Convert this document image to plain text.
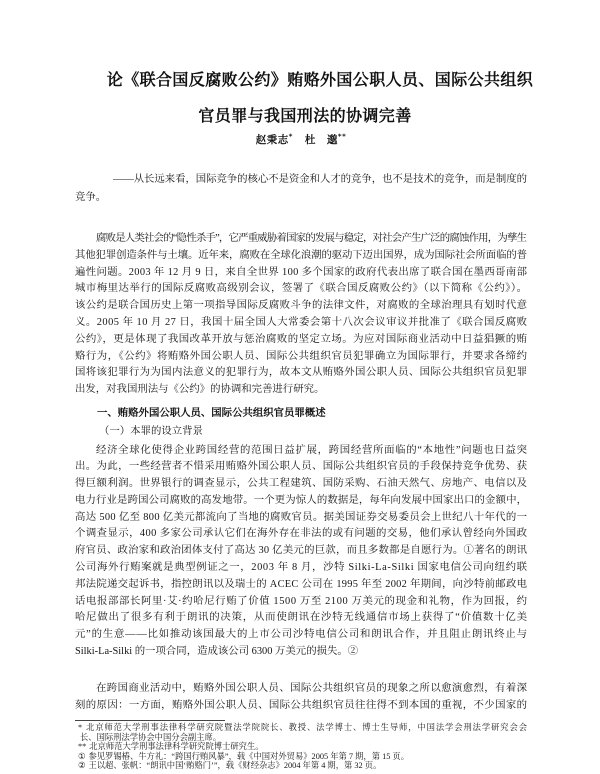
论《联合国反腐败公约》贿赂外国公职人员、国际公共组织
官员罪与我国刑法的协调完善
赵秉志* 杜　邈**
——从长远来看，国际竞争的核心不是资金和人才的竞争，也不是技术的竞争，而是制度的
竞争。
腐败是人类社会的“隐性杀手”，它严重威胁着国家的发展与稳定，对社会产生广泛的腐蚀作用，为孳生
其他犯罪创造条件与土壤。近年来，腐败在全球化浪潮的驱动下迈出国界，成为国际社会所面临的普
遍性问题。2003 年 12 月 9 日，来自全世界 100 多个国家的政府代表出席了联合国在墨西哥南部
城市梅里达举行的国际反腐败高级别会议，签署了《联合国反腐败公约》（以下简称《公约》）。
该公约是联合国历史上第一项指导国际反腐败斗争的法律文件，对腐败的全球治理具有划时代意
义。2005 年 10 月 27 日，我国十届全国人大常委会第十八次会议审议并批准了《联合国反腐败
公约》，更是体现了我国改革开放与惩治腐败的坚定立场。为应对国际商业活动中日益猖獗的贿
赂行为，《公约》将贿赂外国公职人员、国际公共组织官员犯罪确立为国际罪行，并要求各缔约
国将该犯罪行为为国内法意义的犯罪行为，故本文从贿赂外国公职人员、国际公共组织官员犯罪
出发，对我国刑法与《公约》的协调和完善进行研究。
一、贿赂外国公职人员、国际公共组织官员罪概述
（一）本罪的设立背景
经济全球化使得企业跨国经营的范围日益扩展，跨国经营所面临的“本地性”问题也日益突
出。为此，一些经营者不惜采用贿赂外国公职人员、国际公共组织官员的手段保持竞争优势、获
得巨额利润。世界银行的调查显示，公共工程建筑、国防采购、石油天然气、房地产、电信以及
电力行业是跨国公司腐败的高发地带。一个更为惊人的数据是，每年向发展中国家出口的金额中，
高达 500 亿至 800 亿美元都流向了当地的腐败官员。据美国证券交易委员会上世纪八十年代的一
个调查显示，400 多家公司承认它们在海外存在非法的或有问题的交易，他们承认曾经向外国政
府官员、政治家和政治团体支付了高达 30 亿美元的巨款，而且多数都是自愿行为。①著名的朗讯
公司海外行贿案就是典型例证之一，2003 年 8 月，沙特 Silki-La-Silki 国家电信公司向纽约联
邦法院递交起诉书，指控朗讯以及瑞士的 ACEC 公司在 1995 年至 2002 年期间，向沙特前邮政电
话电报部部长阿里·艾·约哈尼行贿了价值 1500 万至 2100 万美元的现金和礼物，作为回报，约
哈尼做出了很多有利于朗讯的决策，从而使朗讯在沙特无线通信市场上获得了“价值数十亿美
元”的生意——比如推动该国最大的上市公司沙特电信公司和朗讯合作，并且阻止朗讯终止与
Silki-La-Silki 的一项合同，造成该公司 6300 万美元的损失。②
在跨国商业活动中，贿赂外国公职人员、国际公共组织官员的现象之所以愈演愈烈，有着深
刻的原因：一方面，贿赂外国公职人员、国际公共组织官员往往得不到本国的重视，不少国家的
* 北京师范大学刑事法律科学研究院暨法学院院长、教授、法学博士、博士生导师，中国法学会刑法学研究会会
长、国际刑法学协会中国分会副主席。
** 北京师范大学刑事法律科学研究院博士研究生。
① 参见罗锡椿、牛方礼：“跨国行贿风暴”，载《中国对外贸易》2005 年第 7 期，第 15 页。
② 王以超、张帆：“朗讯中国‘贿赂门’”，载《财经杂志》2004 年第 4 期，第 32 页。
